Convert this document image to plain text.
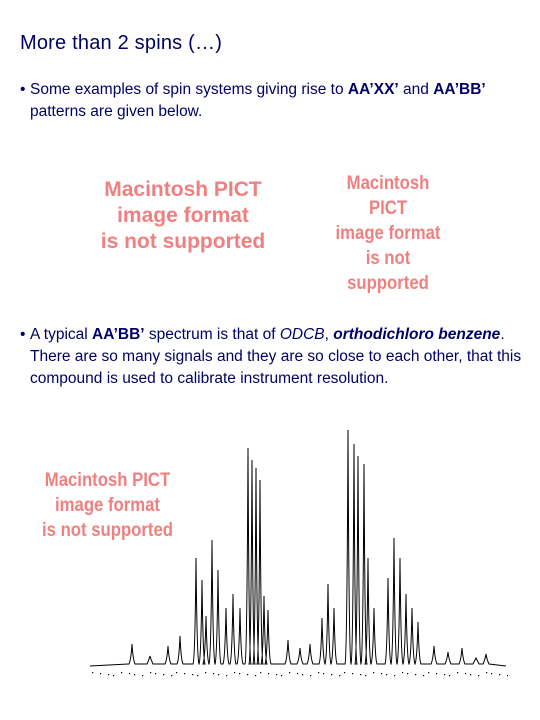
More than 2 spins (…)
• Some examples of spin systems giving rise to AA’XX’ and AA’BB’ patterns are given below.
Macintosh PICT
image format
is not supported
Macintosh PICT
image format
is not supported
• A typical AA’BB’ spectrum is that of ODCB, orthodichloro benzene. There are so many signals and they are so close to each other, that this compound is used to calibrate instrument resolution.
Macintosh PICT
image format
is not supported
